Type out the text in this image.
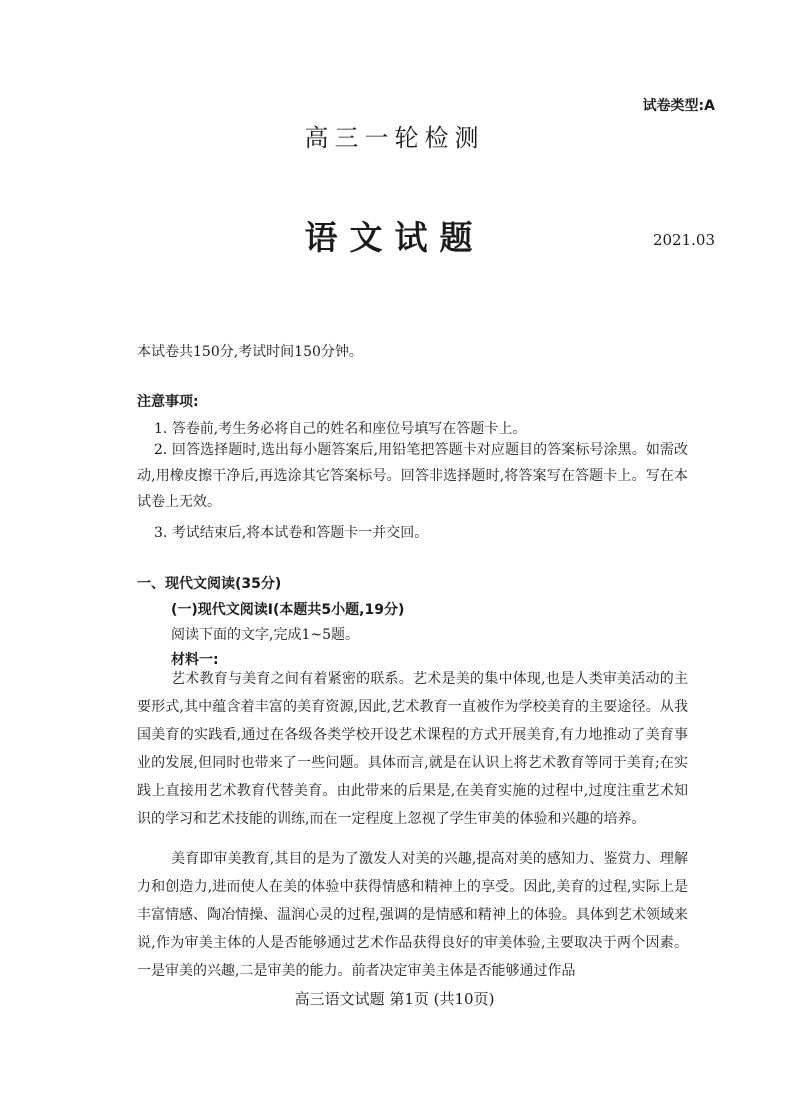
试卷类型:A
高三一轮检测
语文试题	2021.03
本试卷共150分,考试时间150分钟。
注意事项:
1. 答卷前,考生务必将自己的姓名和座位号填写在答题卡上。
2. 回答选择题时,选出每小题答案后,用铅笔把答题卡对应题目的答案标号涂黑。如需改动,用橡皮擦干净后,再选涂其它答案标号。回答非选择题时,将答案写在答题卡上。写在本试卷上无效。
3. 考试结束后,将本试卷和答题卡一并交回。
一、现代文阅读(35分)
(一)现代文阅读Ⅰ(本题共5小题,19分)
阅读下面的文字,完成1~5题。
材料一:
艺术教育与美育之间有着紧密的联系。艺术是美的集中体现,也是人类审美活动的主要形式,其中蕴含着丰富的美育资源,因此,艺术教育一直被作为学校美育的主要途径。从我国美育的实践看,通过在各级各类学校开设艺术课程的方式开展美育,有力地推动了美育事业的发展,但同时也带来了一些问题。具体而言,就是在认识上将艺术教育等同于美育;在实践上直接用艺术教育代替美育。由此带来的后果是,在美育实施的过程中,过度注重艺术知识的学习和艺术技能的训练,而在一定程度上忽视了学生审美的体验和兴趣的培养。
美育即审美教育,其目的是为了激发人对美的兴趣,提高对美的感知力、鉴赏力、理解力和创造力,进而使人在美的体验中获得情感和精神上的享受。因此,美育的过程,实际上是丰富情感、陶冶情操、温润心灵的过程,强调的是情感和精神上的体验。具体到艺术领域来说,作为审美主体的人是否能够通过艺术作品获得良好的审美体验,主要取决于两个因素。一是审美的兴趣,二是审美的能力。前者决定审美主体是否能够通过作品
高三语文试题 第1页 (共10页)
